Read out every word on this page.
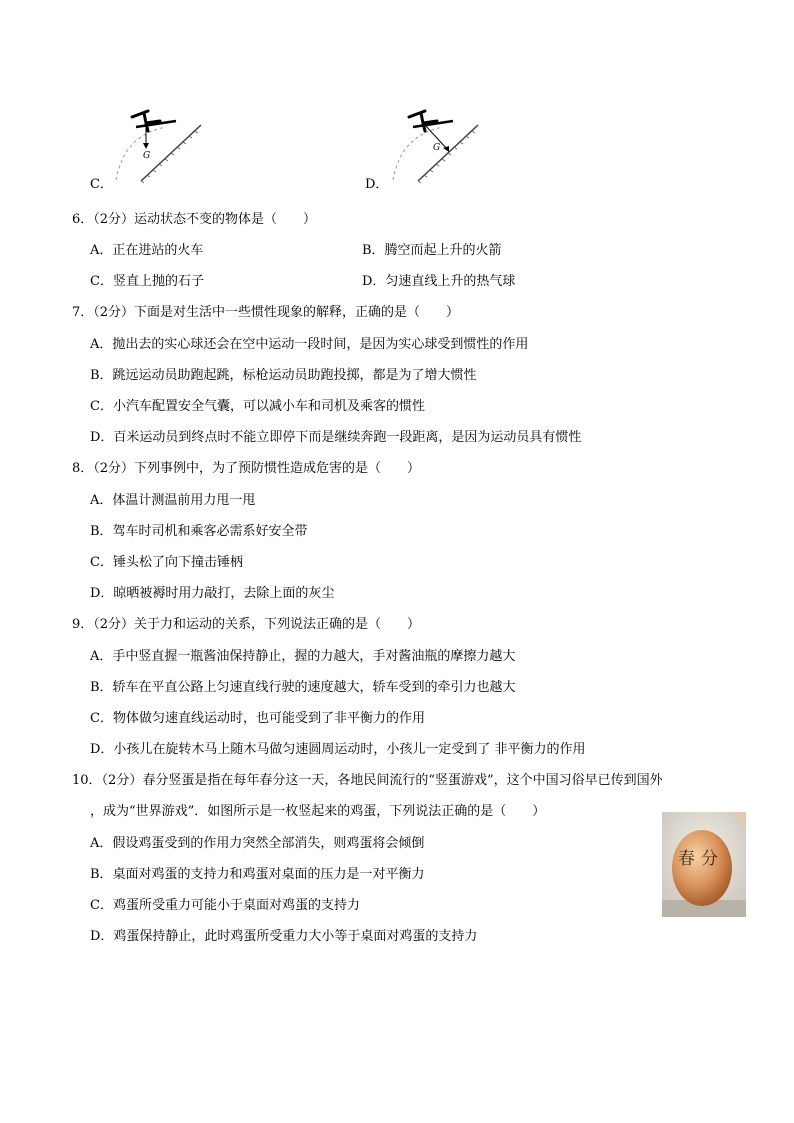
C．
G
D．
G
6．（2分）运动状态不变的物体是（　　）
A．正在进站的火车	B．腾空而起上升的火箭
C．竖直上抛的石子	D．匀速直线上升的热气球
7．（2分）下面是对生活中一些惯性现象的解释，正确的是（　　）
A．抛出去的实心球还会在空中运动一段时间，是因为实心球受到惯性的作用
B．跳远运动员助跑起跳，标枪运动员助跑投掷，都是为了增大惯性
C．小汽车配置安全气囊，可以减小车和司机及乘客的惯性
D．百米运动员到终点时不能立即停下而是继续奔跑一段距离，是因为运动员具有惯性
8．（2分）下列事例中，为了预防惯性造成危害的是（　　）
A．体温计测温前用力甩一甩
B．驾车时司机和乘客必需系好安全带
C．锤头松了向下撞击锤柄
D．晾晒被褥时用力敲打，去除上面的灰尘
9．（2分）关于力和运动的关系，下列说法正确的是（　　）
A．手中竖直握一瓶酱油保持静止，握的力越大，手对酱油瓶的摩擦力越大
B．轿车在平直公路上匀速直线行驶的速度越大，轿车受到的牵引力也越大
C．物体做匀速直线运动时，也可能受到了非平衡力的作用
D．小孩儿在旋转木马上随木马做匀速圆周运动时，小孩儿一定受到了 非平衡力的作用
10．（2分）春分竖蛋是指在每年春分这一天，各地民间流行的“竖蛋游戏”，这个中国习俗早已传到国外
，成为“世界游戏”．如图所示是一枚竖起来的鸡蛋，下列说法正确的是（　　）
A．假设鸡蛋受到的作用力突然全部消失，则鸡蛋将会倾倒
B．桌面对鸡蛋的支持力和鸡蛋对桌面的压力是一对平衡力
C．鸡蛋所受重力可能小于桌面对鸡蛋的支持力
D．鸡蛋保持静止，此时鸡蛋所受重力大小等于桌面对鸡蛋的支持力
春分
